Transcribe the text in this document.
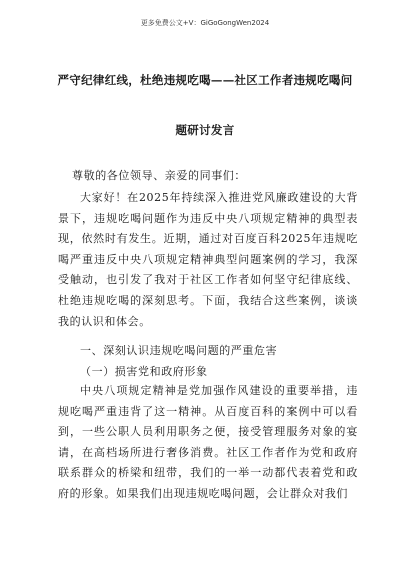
更多免费公文+V：GiGoGongWen2024
严守纪律红线，杜绝违规吃喝——社区工作者违规吃喝问
题研讨发言
尊敬的各位领导、亲爱的同事们：
大家好！在2025年持续深入推进党风廉政建设的大背景下，违规吃喝问题作为违反中央八项规定精神的典型表现，依然时有发生。近期，通过对百度百科2025年违规吃喝严重违反中央八项规定精神典型问题案例的学习，我深受触动，也引发了我对于社区工作者如何坚守纪律底线、杜绝违规吃喝的深刻思考。下面，我结合这些案例，谈谈我的认识和体会。
一、深刻认识违规吃喝问题的严重危害
（一）损害党和政府形象
中央八项规定精神是党加强作风建设的重要举措，违规吃喝严重违背了这一精神。从百度百科的案例中可以看到，一些公职人员利用职务之便，接受管理服务对象的宴请，在高档场所进行奢侈消费。社区工作者作为党和政府联系群众的桥梁和纽带，我们的一举一动都代表着党和政府的形象。如果我们出现违规吃喝问题，会让群众对我们
